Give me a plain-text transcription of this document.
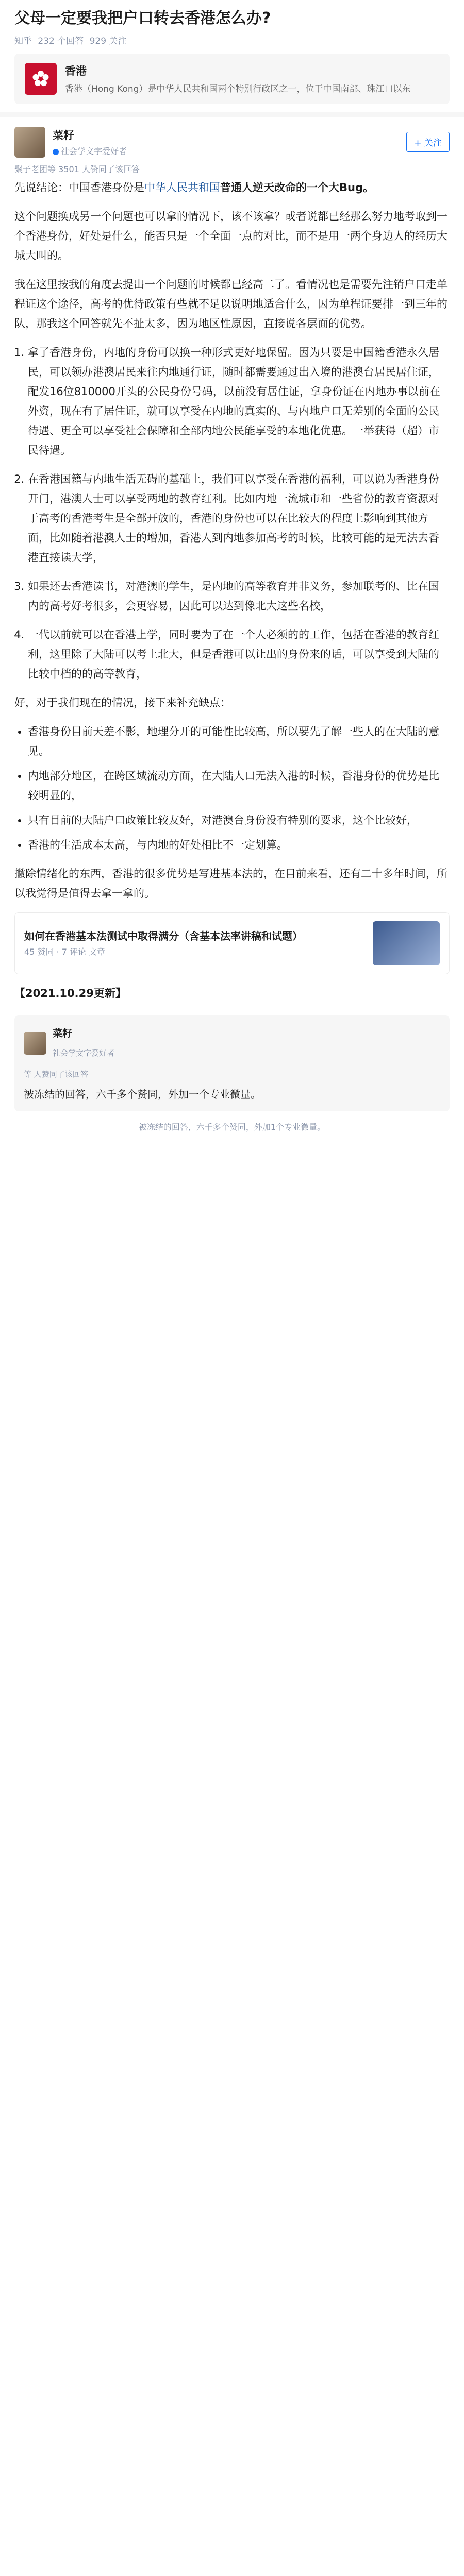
父母一定要我把户口转去香港怎么办?
知乎 232 个回答 929 关注
香港
香港（Hong Kong）是中华人民共和国两个特别行政区之一，位于中国南部、珠江口以东
菜籽
社会学文字爱好者
+ 关注
聚子老团等 3501 人赞同了该回答

先说结论：中国香港身份是中华人民共和国普通人逆天改命的一个大Bug。

这个问题换成另一个问题也可以拿的情况下，该不该拿？或者说都已经那么努力地考取到一个香港身份，好处是什么，能否只是一个全面一点的对比，而不是用一两个身边人的经历大城大叫的。

我在这里按我的角度去提出一个问题的时候都已经高二了。看情况也是需要先注销户口走单程证这个途径，高考的优待政策有些就不足以说明地适合什么，因为单程证要排一到三年的队，那我这个回答就先不扯太多，因为地区性原因，直接说各层面的优势。

1. 拿了香港身份，内地的身份可以换一种形式更好地保留。因为只要是中国籍香港永久居民，可以领办港澳居民来往内地通行证，随时都需要通过出入境的港澳台居民居住证，配发16位810000开头的公民身份号码，以前没有居住证，拿身份证在内地办事以前在外资，现在有了居住证，就可以享受在内地的真实的、与内地户口无差别的全面的公民待遇、更全可以享受社会保障和全部内地公民能享受的本地化优惠。一举获得（超）市民待遇。
2. 在香港国籍与内地生活无碍的基础上，我们可以享受在香港的福利，可以说为香港身份开门，港澳人士可以享受两地的教育红利。比如内地一流城市和一些省份的教育资源对于高考的香港考生是全部开放的，香港的身份也可以在比较大的程度上影响到其他方面，比如随着港澳人士的增加，香港人到内地参加高考的时候，比较可能的是无法去香港直接读大学，
3. 如果还去香港读书，对港澳的学生，是内地的高等教育并非义务，参加联考的、比在国内的高考好考很多，会更容易，因此可以达到像北大这些名校，
4. 一代以前就可以在香港上学，同时要为了在一个人必须的的工作，包括在香港的教育红利，这里除了大陆可以考上北大，但是香港可以让出的身份来的话，可以享受到大陆的比较中档的的高等教育，

好，对于我们现在的情况，接下来补充缺点：

• 香港身份目前天差不影，地理分开的可能性比较高，所以要先了解一些人的在大陆的意见。
• 内地部分地区，在跨区域流动方面，在大陆人口无法入港的时候，香港身份的优势是比较明显的，
• 只有目前的大陆户口政策比较友好，对港澳台身份没有特别的要求，这个比较好，
• 香港的生活成本太高，与内地的好处相比不一定划算。

撇除情绪化的东西，香港的很多优势是写进基本法的，在目前来看，还有二十多年时间，所以我觉得是值得去拿一拿的。

如何在香港基本法测试中取得满分（含基本法率讲稿和试题）
45 赞同 · 7 评论 文章

【2021.10.29更新】

菜籽
社会学文字爱好者
等 人赞同了该回答
被冻结的回答，六千多个赞同，外加一个专业微量。
被冻结的回答，六千多个赞同，外加1个专业微量。
